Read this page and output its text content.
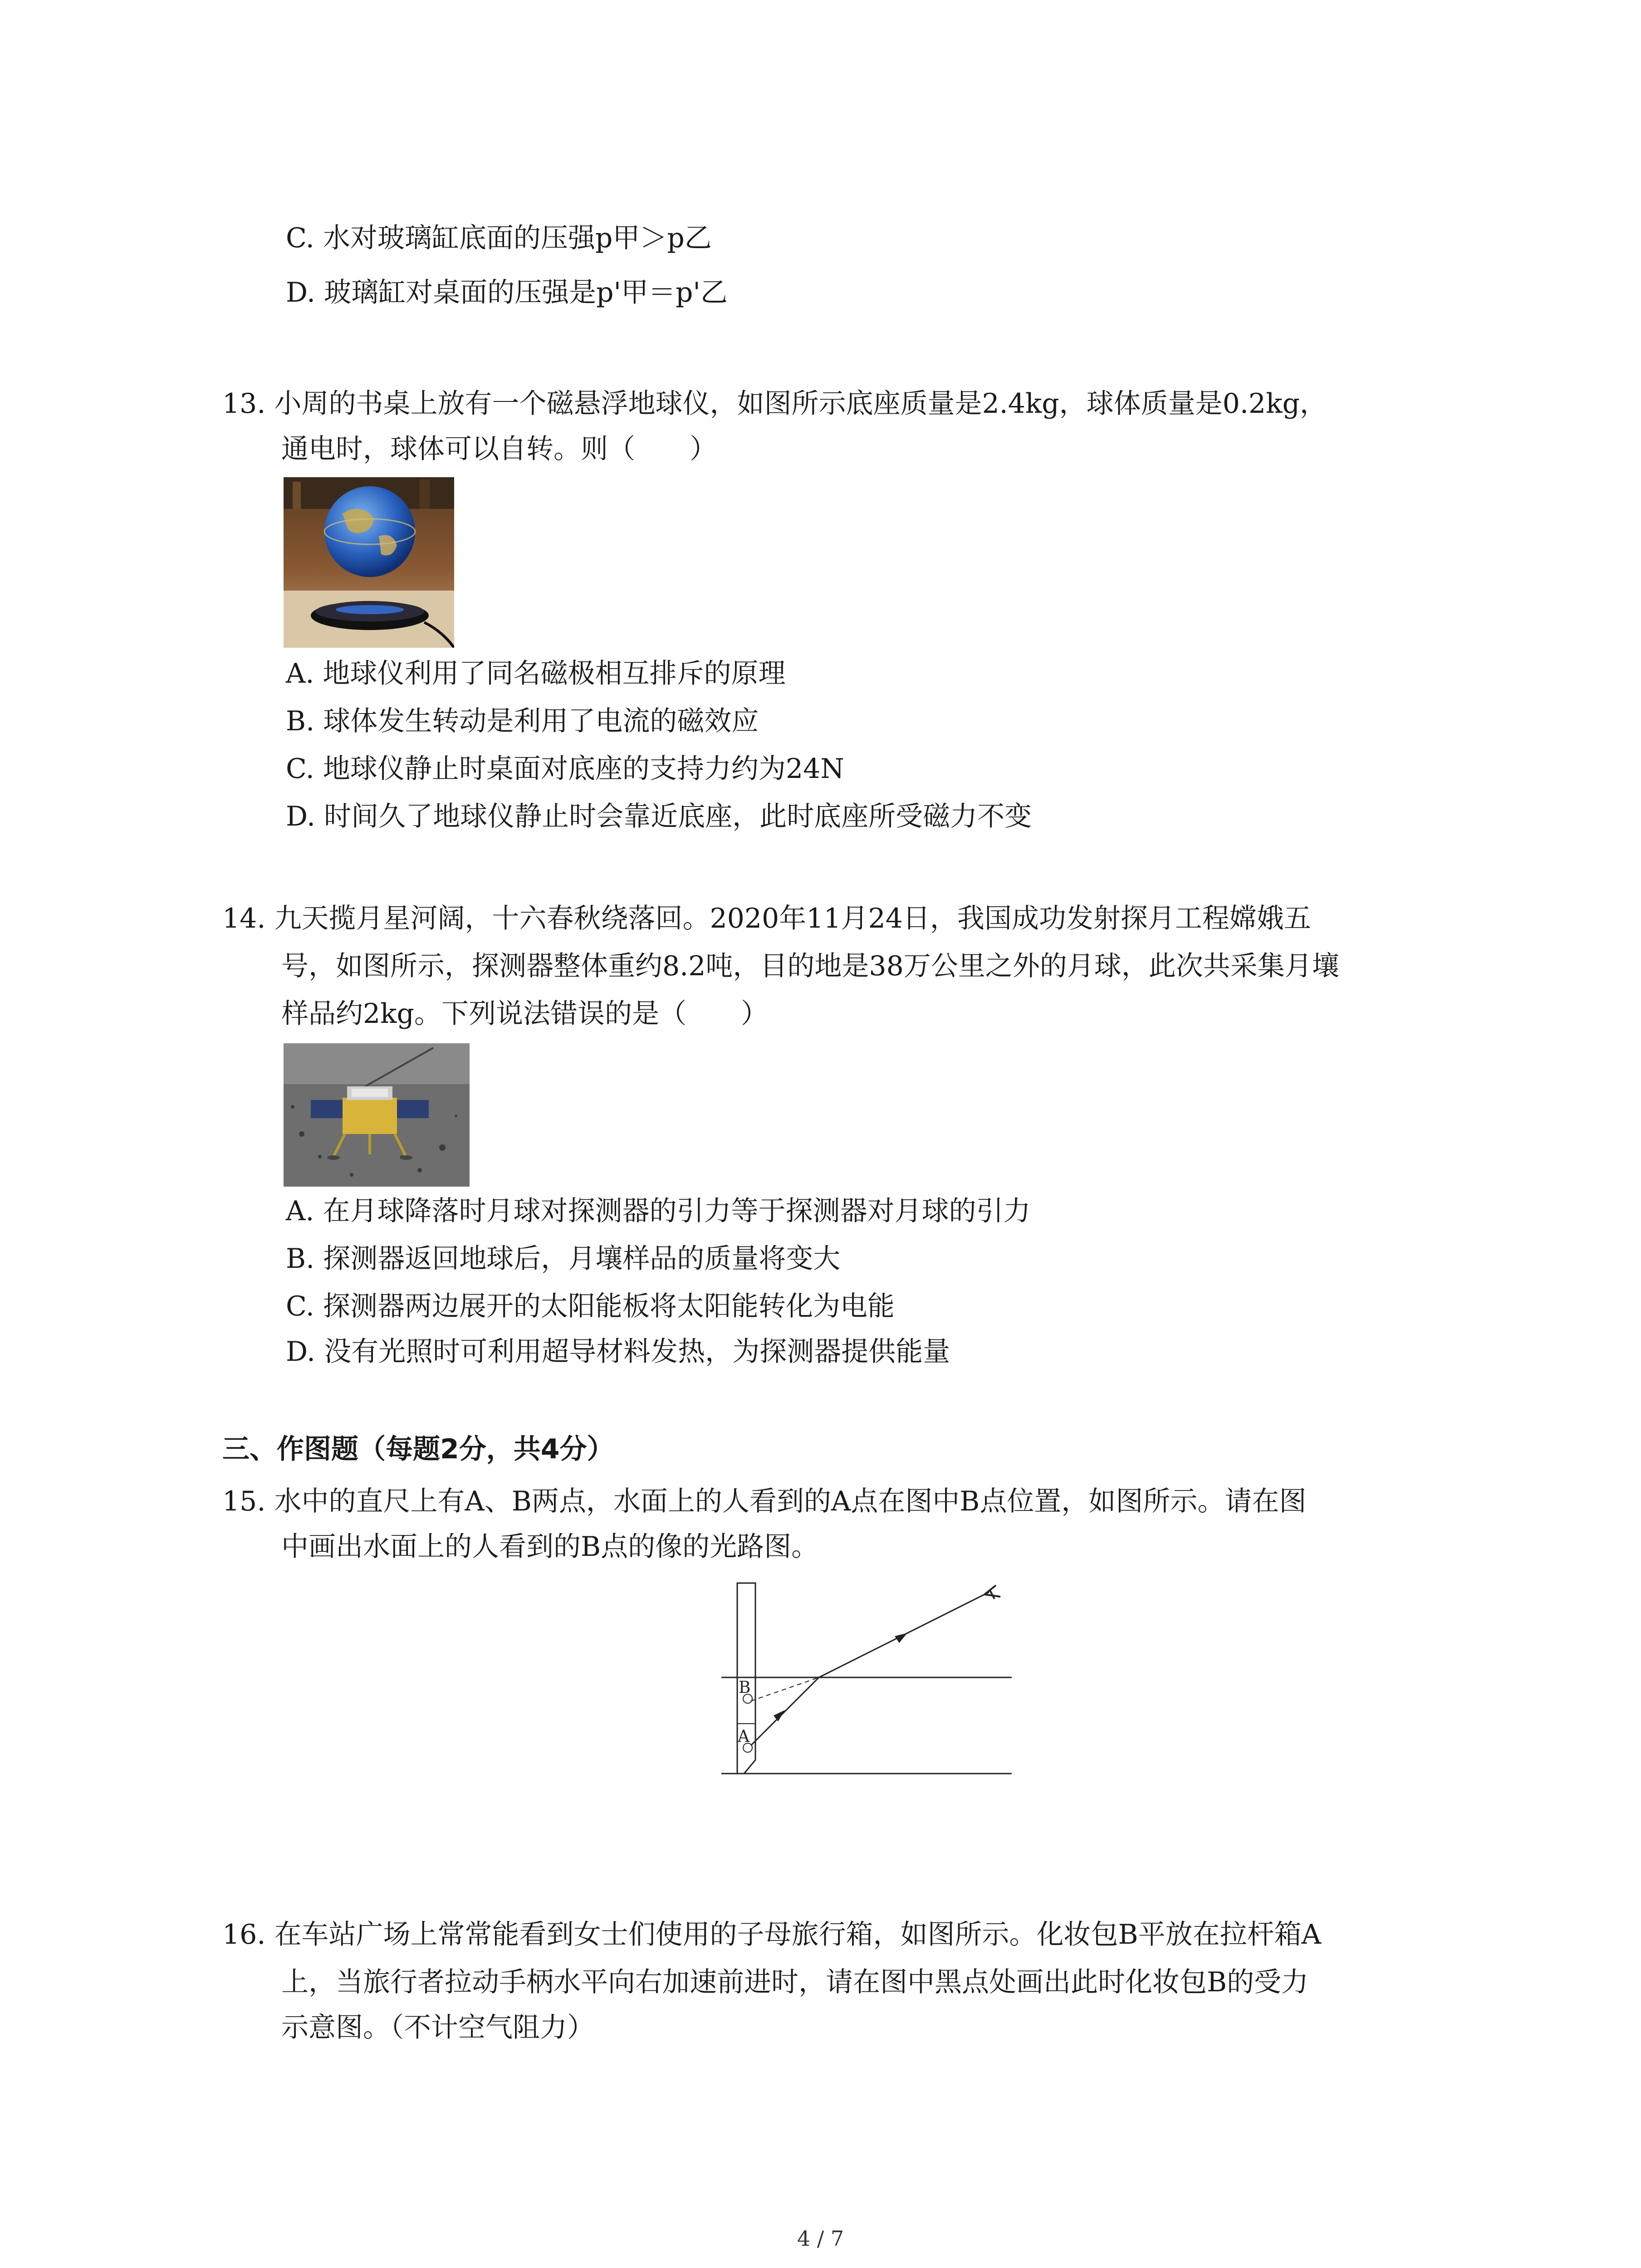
C. 水对玻璃缸底面的压强p甲＞p乙
D. 玻璃缸对桌面的压强是p'甲＝p'乙
13. 小周的书桌上放有一个磁悬浮地球仪，如图所示底座质量是2.4kg，球体质量是0.2kg，
通电时，球体可以自转。则（　　）
A. 地球仪利用了同名磁极相互排斥的原理
B. 球体发生转动是利用了电流的磁效应
C. 地球仪静止时桌面对底座的支持力约为24N
D. 时间久了地球仪静止时会靠近底座，此时底座所受磁力不变
14. 九天揽月星河阔，十六春秋绕落回。2020年11月24日，我国成功发射探月工程嫦娥五
号，如图所示，探测器整体重约8.2吨，目的地是38万公里之外的月球，此次共采集月壤
样品约2kg。下列说法错误的是（　　）
A. 在月球降落时月球对探测器的引力等于探测器对月球的引力
B. 探测器返回地球后，月壤样品的质量将变大
C. 探测器两边展开的太阳能板将太阳能转化为电能
D. 没有光照时可利用超导材料发热，为探测器提供能量
三、作图题（每题2分，共4分）
15. 水中的直尺上有A、B两点，水面上的人看到的A点在图中B点位置，如图所示。请在图
中画出水面上的人看到的B点的像的光路图。
B
A
16. 在车站广场上常常能看到女士们使用的子母旅行箱，如图所示。化妆包B平放在拉杆箱A
上，当旅行者拉动手柄水平向右加速前进时，请在图中黑点处画出此时化妆包B的受力
示意图。（不计空气阻力）
4 / 7
